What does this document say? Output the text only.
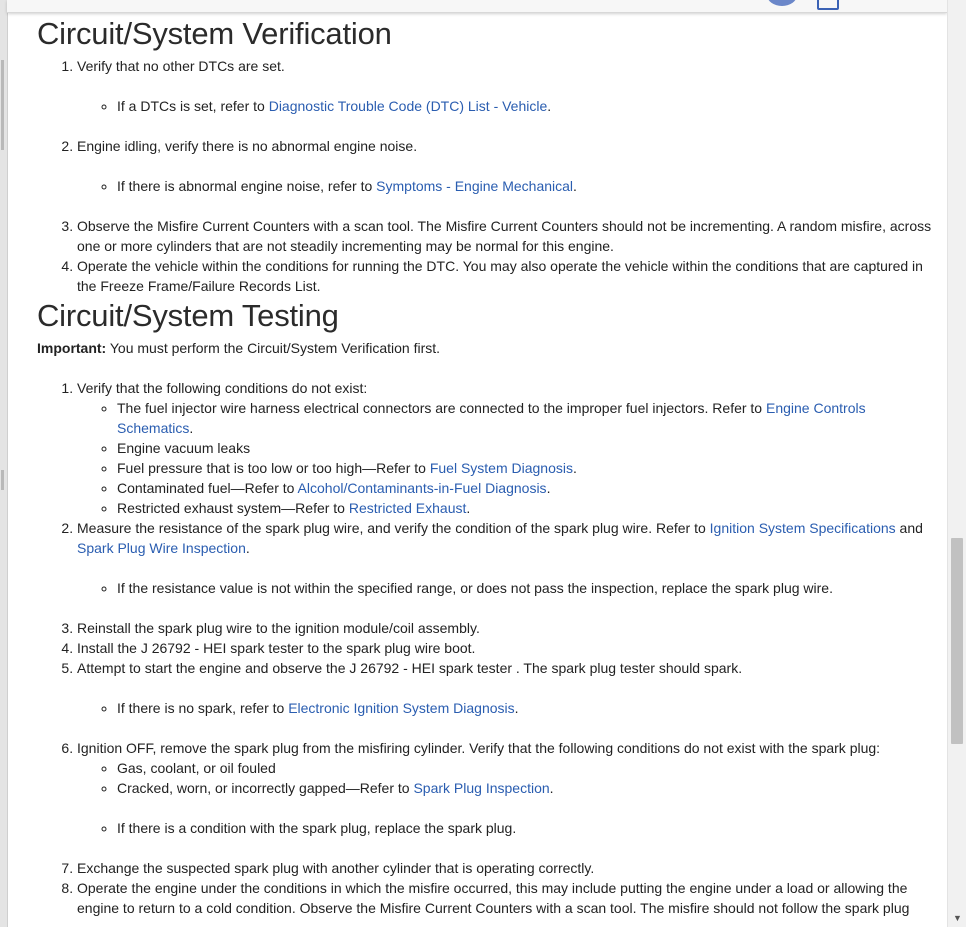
▼
Circuit/System Verification
1. Verify that no other DTCs are set.
◦ If a DTCs is set, refer to Diagnostic Trouble Code (DTC) List - Vehicle.
2. Engine idling, verify there is no abnormal engine noise.
◦ If there is abnormal engine noise, refer to Symptoms - Engine Mechanical.
3. Observe the Misfire Current Counters with a scan tool. The Misfire Current Counters should not be incrementing. A random misfire, across one or more cylinders that are not steadily incrementing may be normal for this engine.
4. Operate the vehicle within the conditions for running the DTC. You may also operate the vehicle within the conditions that are captured in the Freeze Frame/Failure Records List.
Circuit/System Testing

Important: You must perform the Circuit/System Verification first.

1. Verify that the following conditions do not exist:
◦ The fuel injector wire harness electrical connectors are connected to the improper fuel injectors. Refer to Engine Controls Schematics.
◦ Engine vacuum leaks
◦ Fuel pressure that is too low or too high—Refer to Fuel System Diagnosis.
◦ Contaminated fuel—Refer to Alcohol/Contaminants-in-Fuel Diagnosis.
◦ Restricted exhaust system—Refer to Restricted Exhaust.
2. Measure the resistance of the spark plug wire, and verify the condition of the spark plug wire. Refer to Ignition System Specifications and Spark Plug Wire Inspection.
◦ If the resistance value is not within the specified range, or does not pass the inspection, replace the spark plug wire.
3. Reinstall the spark plug wire to the ignition module/coil assembly.
4. Install the J 26792 - HEI spark tester to the spark plug wire boot.
5. Attempt to start the engine and observe the J 26792 - HEI spark tester . The spark plug tester should spark.
◦ If there is no spark, refer to Electronic Ignition System Diagnosis.
6. Ignition OFF, remove the spark plug from the misfiring cylinder. Verify that the following conditions do not exist with the spark plug:
◦ Gas, coolant, or oil fouled
◦ Cracked, worn, or incorrectly gapped—Refer to Spark Plug Inspection.
◦ If there is a condition with the spark plug, replace the spark plug.
7. Exchange the suspected spark plug with another cylinder that is operating correctly.
8. Operate the engine under the conditions in which the misfire occurred, this may include putting the engine under a load or allowing the engine to return to a cold condition. Observe the Misfire Current Counters with a scan tool. The misfire should not follow the spark plug
